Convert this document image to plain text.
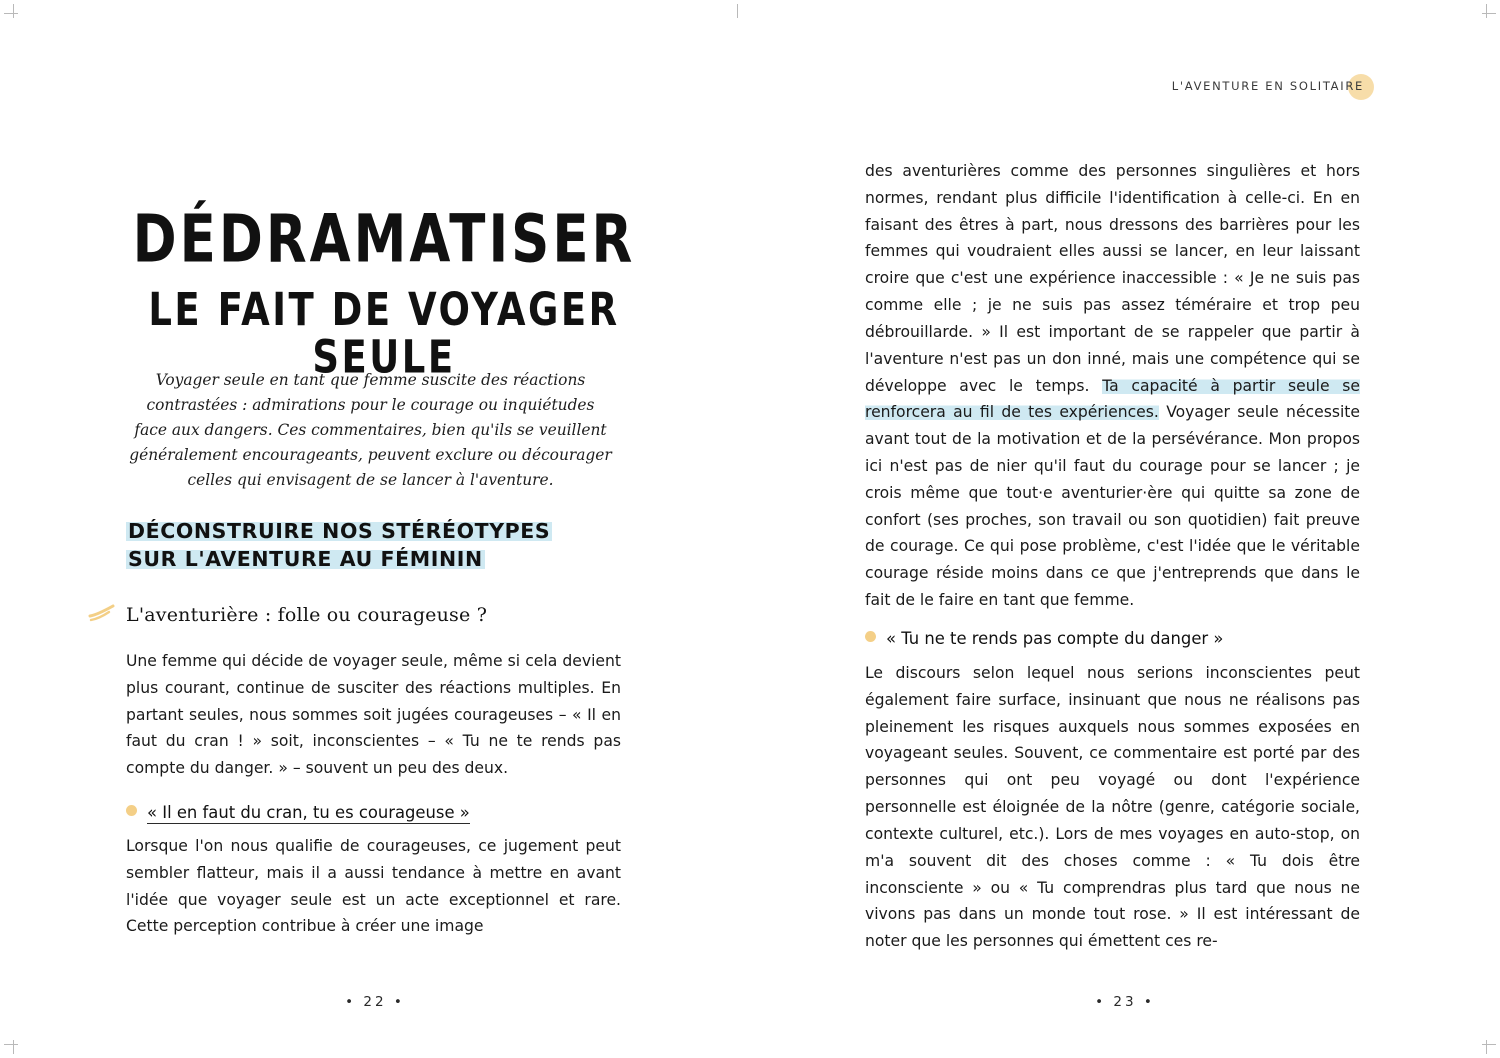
DÉDRAMATISER
LE FAIT DE VOYAGER SEULE
Voyager seule en tant que femme suscite des réactions contrastées : admirations pour le courage ou inquiétudes face aux dangers. Ces commentaires, bien qu'ils se veuillent généralement encourageants, peuvent exclure ou décourager celles qui envisagent de se lancer à l'aventure.
DÉCONSTRUIRE NOS STÉRÉOTYPES
SUR L'AVENTURE AU FÉMININ
L'aventurière : folle ou courageuse ?
Une femme qui décide de voyager seule, même si cela devient plus courant, continue de susciter des réactions multiples. En partant seules, nous sommes soit jugées courageuses – « Il en faut du cran ! » soit, inconscientes – « Tu ne te rends pas compte du danger. » – souvent un peu des deux.
« Il en faut du cran, tu es courageuse »
Lorsque l'on nous qualifie de courageuses, ce jugement peut sembler flatteur, mais il a aussi tendance à mettre en avant l'idée que voyager seule est un acte exceptionnel et rare. Cette perception contribue à créer une image
• 22 •
L'AVENTURE EN SOLITAIRE
des aventurières comme des personnes singulières et hors normes, rendant plus difficile l'identification à celle-ci. En en faisant des êtres à part, nous dressons des barrières pour les femmes qui voudraient elles aussi se lancer, en leur laissant croire que c'est une expérience inaccessible : « Je ne suis pas comme elle ; je ne suis pas assez téméraire et trop peu débrouillarde. » Il est important de se rappeler que partir à l'aventure n'est pas un don inné, mais une compétence qui se développe avec le temps. Ta capacité à partir seule se renforcera au fil de tes expériences. Voyager seule nécessite avant tout de la motivation et de la persévérance. Mon propos ici n'est pas de nier qu'il faut du courage pour se lancer ; je crois même que tout·e aventurier·ère qui quitte sa zone de confort (ses proches, son travail ou son quotidien) fait preuve de courage. Ce qui pose problème, c'est l'idée que le véritable courage réside moins dans ce que j'entreprends que dans le fait de le faire en tant que femme.
« Tu ne te rends pas compte du danger »
Le discours selon lequel nous serions inconscientes peut également faire surface, insinuant que nous ne réalisons pas pleinement les risques auxquels nous sommes exposées en voyageant seules. Souvent, ce commentaire est porté par des personnes qui ont peu voyagé ou dont l'expérience personnelle est éloignée de la nôtre (genre, catégorie sociale, contexte culturel, etc.). Lors de mes voyages en auto-stop, on m'a souvent dit des choses comme : « Tu dois être inconsciente » ou « Tu comprendras plus tard que nous ne vivons pas dans un monde tout rose. » Il est intéressant de noter que les personnes qui émettent ces re-
• 23 •
